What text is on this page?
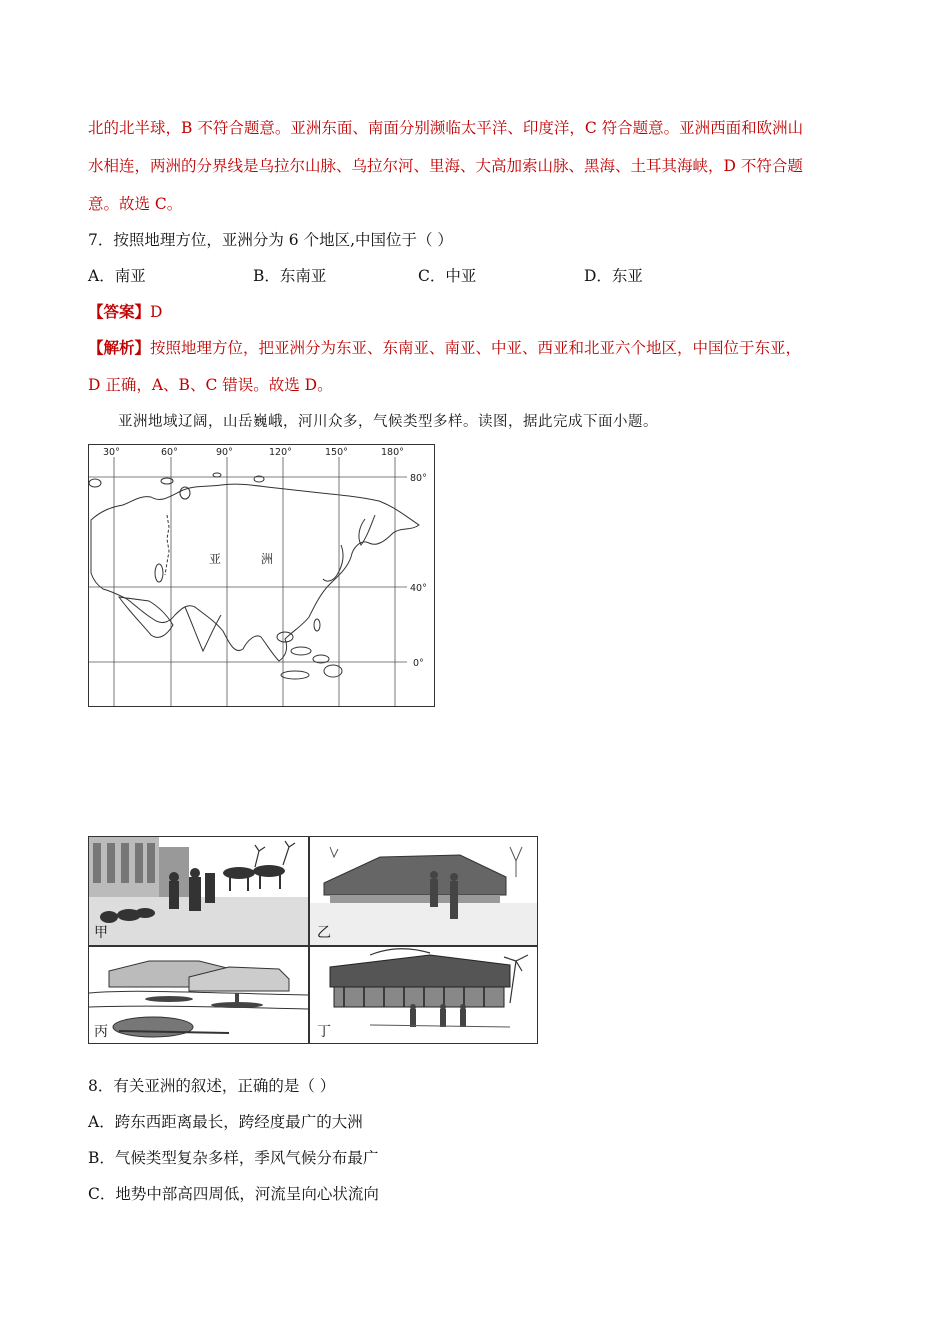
北的北半球，B 不符合题意。亚洲东面、南面分别濒临太平洋、印度洋，C 符合题意。亚洲西面和欧洲山
水相连，两洲的分界线是乌拉尔山脉、乌拉尔河、里海、大高加索山脉、黑海、土耳其海峡，D 不符合题
意。故选 C。
7．按照地理方位，亚洲分为 6 个地区,中国位于（ ）
A．南亚	B．东南亚	C．中亚	D．东亚
【答案】D
【解析】按照地理方位，把亚洲分为东亚、东南亚、南亚、中亚、西亚和北亚六个地区，中国位于东亚，
D 正确，A、B、C 错误。故选 D。
亚洲地域辽阔，山岳巍峨，河川众多，气候类型多样。读图，据此完成下面小题。
30°	60°	90°	120°	150°	180°
80°
40°
0°
亚	洲
甲	乙
丙	丁
8．有关亚洲的叙述，正确的是（ ）
A．跨东西距离最长，跨经度最广的大洲
B．气候类型复杂多样，季风气候分布最广
C．地势中部高四周低，河流呈向心状流向
